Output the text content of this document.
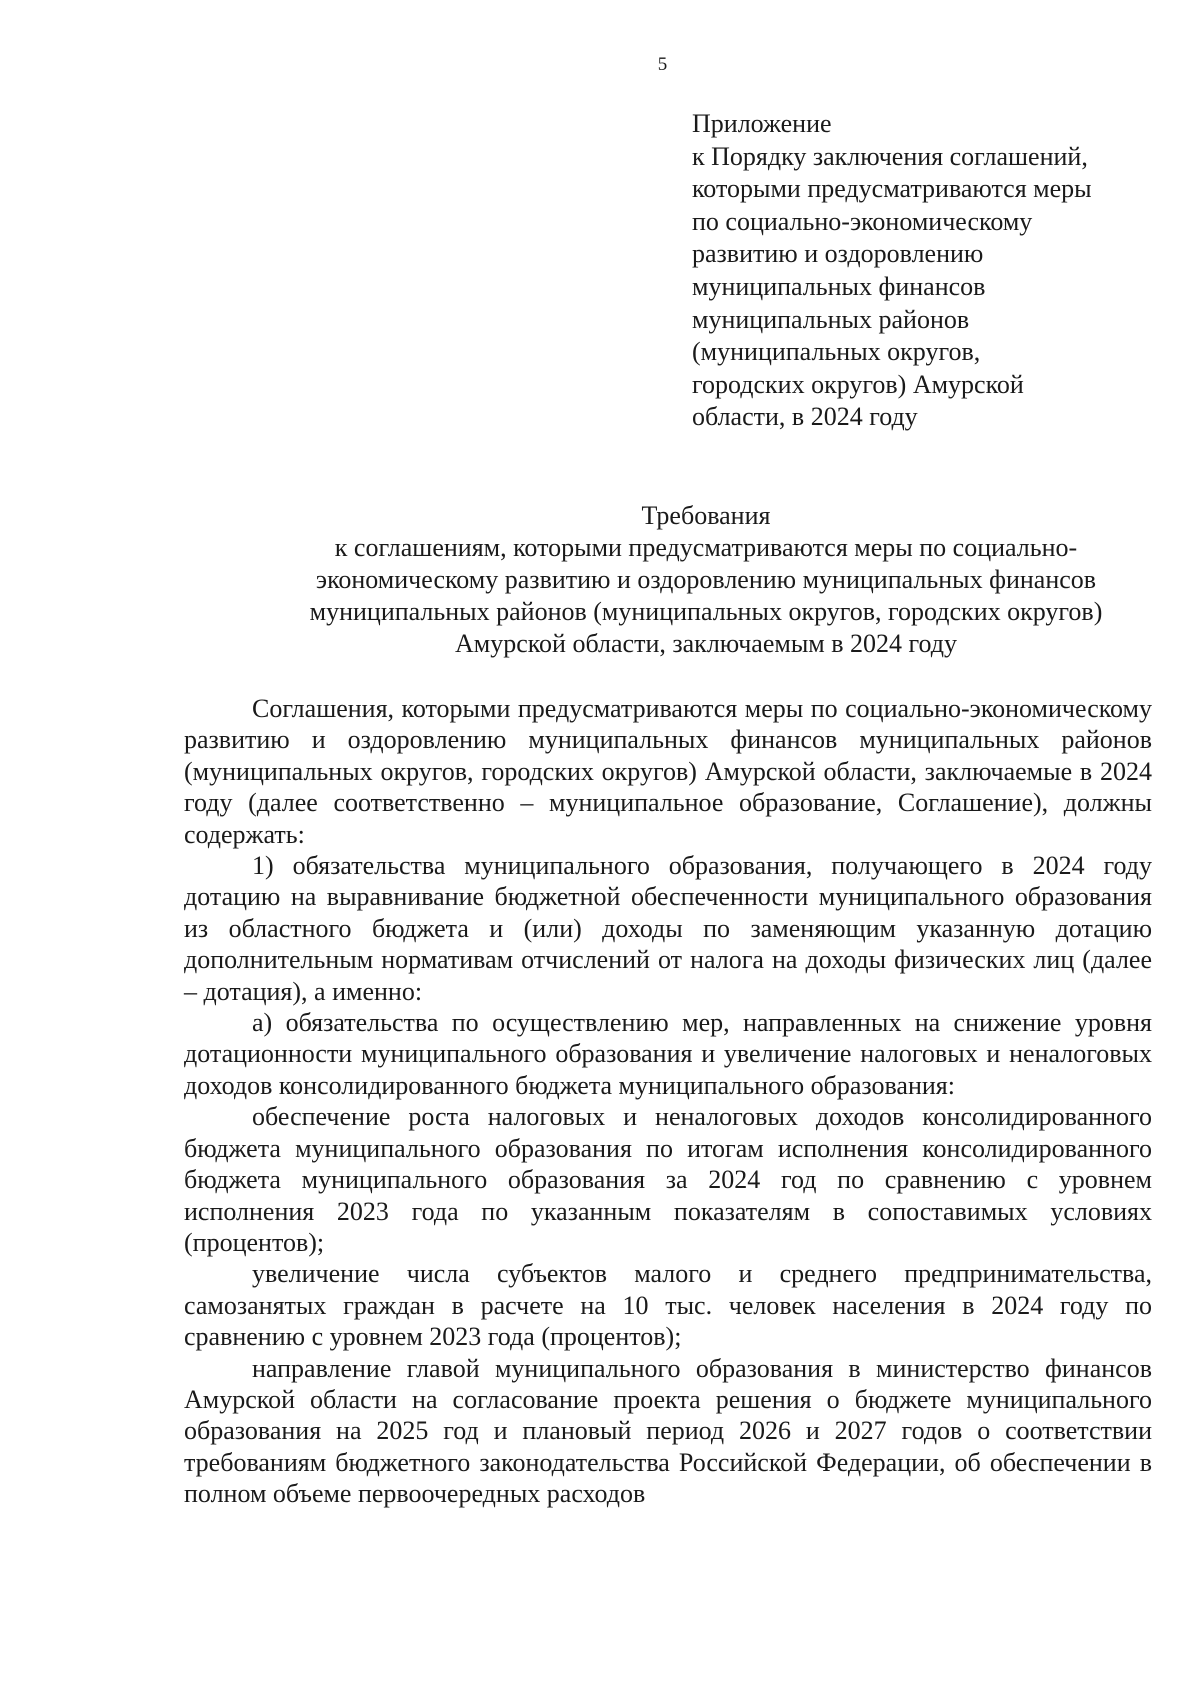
5
Приложение
к Порядку заключения соглашений,
которыми предусматриваются меры
по социально-экономическому
развитию и оздоровлению
муниципальных финансов
муниципальных районов
(муниципальных округов,
городских округов) Амурской
области, в 2024 году
Требования
к соглашениям, которыми предусматриваются меры по социально-
экономическому развитию и оздоровлению муниципальных финансов
муниципальных районов (муниципальных округов, городских округов)
Амурской области, заключаемым в 2024 году

Соглашения, которыми предусматриваются меры по социально-экономическому развитию и оздоровлению муниципальных финансов муниципальных районов (муниципальных округов, городских округов) Амурской области, заключаемые в 2024 году (далее соответственно – муниципальное образование, Соглашение), должны содержать:

1) обязательства муниципального образования, получающего в 2024 году дотацию на выравнивание бюджетной обеспеченности муниципального образования из областного бюджета и (или) доходы по заменяющим указанную дотацию дополнительным нормативам отчислений от налога на доходы физических лиц (далее – дотация), а именно:

а) обязательства по осуществлению мер, направленных на снижение уровня дотационности муниципального образования и увеличение налоговых и неналоговых доходов консолидированного бюджета муниципального образования:

обеспечение роста налоговых и неналоговых доходов консолидированного бюджета муниципального образования по итогам исполнения консолидированного бюджета муниципального образования за 2024 год по сравнению с уровнем исполнения 2023 года по указанным показателям в сопоставимых условиях (процентов);

увеличение числа субъектов малого и среднего предпринимательства, самозанятых граждан в расчете на 10 тыс. человек населения в 2024 году по сравнению с уровнем 2023 года (процентов);

направление главой муниципального образования в министерство финансов Амурской области на согласование проекта решения о бюджете муниципального образования на 2025 год и плановый период 2026 и 2027 годов о соответствии требованиям бюджетного законодательства Российской Федерации, об обеспечении в полном объеме первоочередных расходов
